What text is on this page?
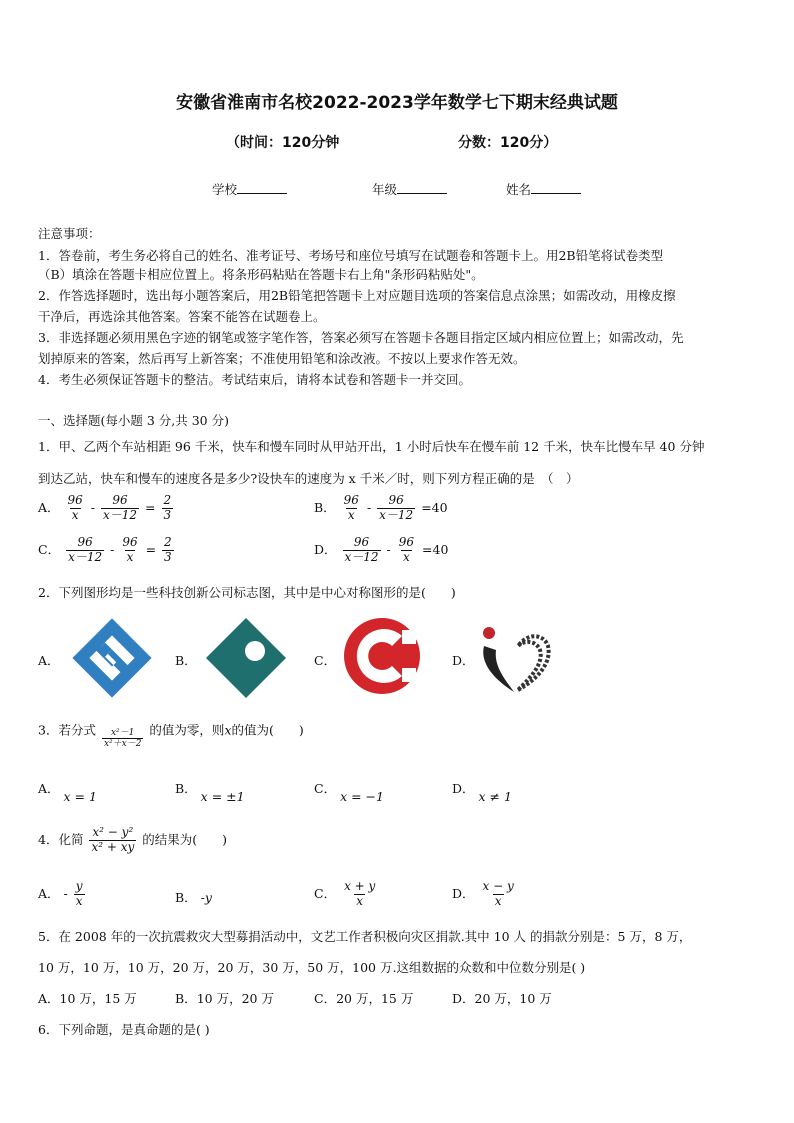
安徽省淮南市名校2022-2023学年数学七下期末经典试题
（时间：120分钟	分数：120分）
学校	年级	姓名
注意事项：
1．答卷前，考生务必将自己的姓名、准考证号、考场号和座位号填写在试题卷和答题卡上。用2B铅笔将试卷类型
（B）填涂在答题卡相应位置上。将条形码粘贴在答题卡右上角"条形码粘贴处"。
2．作答选择题时，选出每小题答案后，用2B铅笔把答题卡上对应题目选项的答案信息点涂黑；如需改动，用橡皮擦
干净后，再选涂其他答案。答案不能答在试题卷上。
3．非选择题必须用黑色字迹的钢笔或签字笔作答，答案必须写在答题卡各题目指定区域内相应位置上；如需改动，先
划掉原来的答案，然后再写上新答案；不准使用铅笔和涂改液。不按以上要求作答无效。
4．考生必须保证答题卡的整洁。考试结束后，请将本试卷和答题卡一并交回。
一、选择题(每小题 3 分,共 30 分)
1．甲、乙两个车站相距 96 千米，快车和慢车同时从甲站开出，1 小时后快车在慢车前 12 千米，快车比慢车早 40 分钟
到达乙站，快车和慢车的速度各是多少?设快车的速度为 x 千米／时，则下列方程正确的是　（　）
A． $\frac{96}{x} - \frac{96}{x-12} = \frac{2}{3}$	B． $\frac{96}{x} - \frac{96}{x-12} =40$
C． $\frac{96}{x-12} - \frac{96}{x} = \frac{2}{3}$	D． $\frac{96}{x-12} - \frac{96}{x} =40$
2．下列图形均是一些科技创新公司标志图，其中是中心对称图形的是(　　)
A．	B．	C．	D．
3．若分式 $\frac{\text{x²－1}}{\text{x²＋x－2}}$ 的值为零，则x的值为(　　)
A． x = 1
B． x = ±1
C． x = −1
D． x ≠ 1
4．化简 $\frac{\text{x² − y²}}{\text{x² + xy}}$ 的结果为(　　)
A． - $\frac{y}{x}$	B． -y	C． $\frac{x + y}{x}$	D． $\frac{x - y}{x}$
5．在 2008 年的一次抗震救灾大型募捐活动中，文艺工作者积极向灾区捐款.其中 10 人 的捐款分别是：5 万，8 万，
10 万，10 万，10 万，20 万，20 万，30 万，50 万，100 万.这组数据的众数和中位数分别是( )
A．10 万，15 万	B．10 万，20 万	C．20 万，15 万	D．20 万，10 万
6．下列命题，是真命题的是( )
